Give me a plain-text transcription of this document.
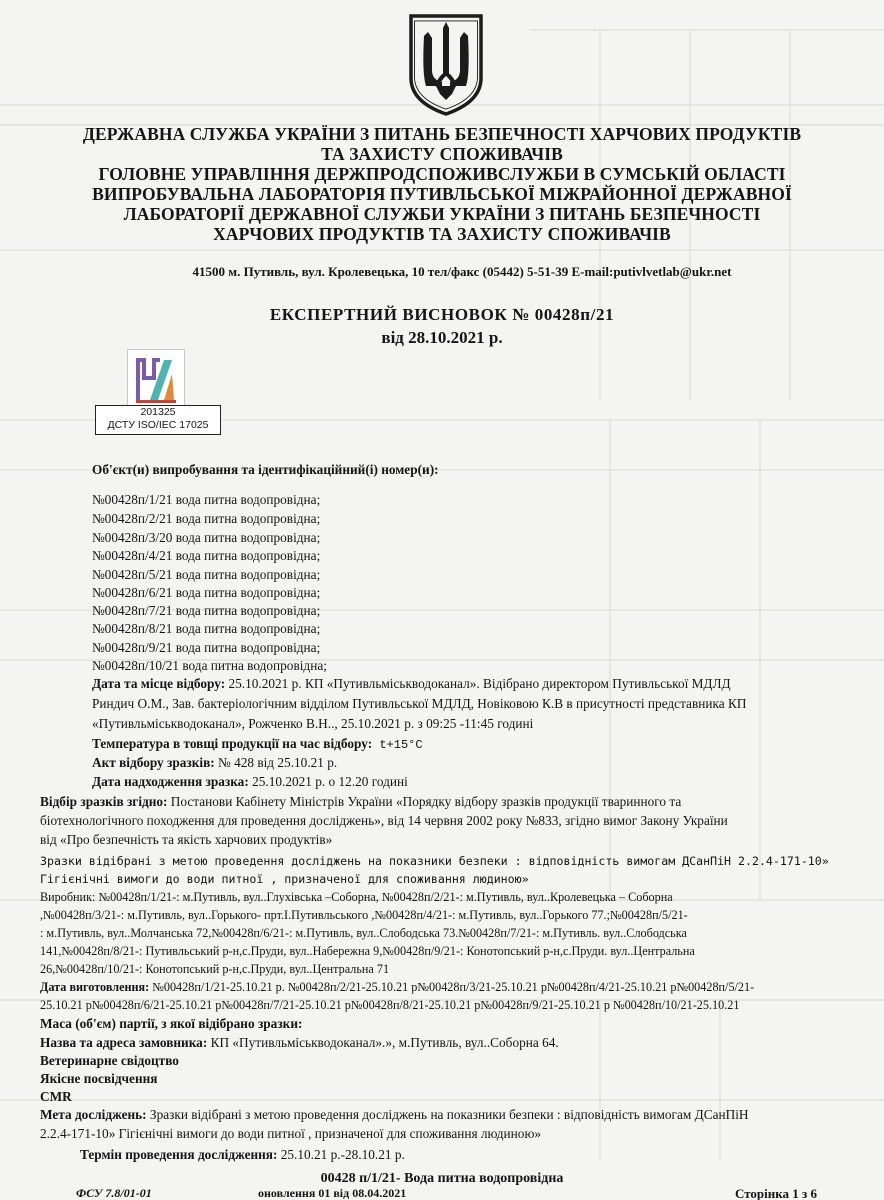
ДЕРЖАВНА СЛУЖБА УКРАЇНИ З ПИТАНЬ БЕЗПЕЧНОСТІ ХАРЧОВИХ ПРОДУКТІВ
ТА ЗАХИСТУ СПОЖИВАЧІВ
ГОЛОВНЕ УПРАВЛІННЯ ДЕРЖПРОДСПОЖИВСЛУЖБИ В СУМСЬКІЙ ОБЛАСТІ
ВИПРОБУВАЛЬНА ЛАБОРАТОРІЯ ПУТИВЛЬСЬКОЇ МІЖРАЙОННОЇ ДЕРЖАВНОЇ
ЛАБОРАТОРІЇ ДЕРЖАВНОЇ СЛУЖБИ УКРАЇНИ З ПИТАНЬ БЕЗПЕЧНОСТІ
ХАРЧОВИХ ПРОДУКТІВ ТА ЗАХИСТУ СПОЖИВАЧІВ
41500 м. Путивль, вул. Кролевецька, 10 тел/факс (05442) 5-51-39 E-mail:putivlvetlab@ukr.net
ЕКСПЕРТНИЙ ВИСНОВОК № 00428п/21
від 28.10.2021 р.
201325
ДСТУ ISO/IEC 17025
Об'єкт(и) випробування та ідентифікаційний(і) номер(и):
№00428п/1/21 вода питна водопровідна;
№00428п/2/21 вода питна водопровідна;
№00428п/3/20 вода питна водопровідна;
№00428п/4/21 вода питна водопровідна;
№00428п/5/21 вода питна водопровідна;
№00428п/6/21 вода питна водопровідна;
№00428п/7/21 вода питна водопровідна;
№00428п/8/21 вода питна водопровідна;
№00428п/9/21 вода питна водопровідна;
№00428п/10/21 вода питна водопровідна;
Дата та місце відбору: 25.10.2021 р. КП «Путивльміськводоканал». Відібрано директором Путивльської МДЛД
Риндич О.М., Зав. бактеріологічним відділом Путивльської МДЛД, Новіковою К.В в присутності представника КП
«Путивльміськводоканал», Рожченко В.Н.., 25.10.2021 р. з 09:25 -11:45 годині
Температура в товщі продукції на час відбору: t+15°C
Акт відбору зразків: № 428 від 25.10.21 р.
Дата надходження зразка: 25.10.2021 р. о 12.20 годині
Відбір зразків згідно: Постанови Кабінету Міністрів України «Порядку відбору зразків продукції тваринного та
біотехнологічного походження для проведення досліджень», від 14 червня 2002 року №833, згідно вимог Закону України
від «Про безпечність та якість харчових продуктів»
Зразки відібрані з метою проведення досліджень на показники безпеки : відповідність вимогам ДСанПіН 2.2.4-171-10»
Гігієнічні вимоги до води питної , призначеної для споживання людиною»
Виробник: №00428п/1/21-: м.Путивль, вул..Глухівська –Соборна, №00428п/2/21-: м.Путивль, вул..Кролевецька – Соборна
,№00428п/3/21-: м.Путивль, вул..Горького- прт.І.Путивльського ,№00428п/4/21-: м.Путивль, вул..Горького 77.;№00428п/5/21-
: м.Путивль, вул..Молчанська 72,№00428п/6/21-: м.Путивль, вул..Слободська 73.№00428п/7/21-: м.Путивль. вул..Слободська
141,№00428п/8/21-: Путивльський р-н,с.Пруди, вул..Набережна 9,№00428п/9/21-: Конотопський р-н,с.Пруди. вул..Центральна
26,№00428п/10/21-: Конотопський р-н,с.Пруди, вул..Центральна 71
Дата виготовлення: №00428п/1/21-25.10.21 р. №00428п/2/21-25.10.21 р№00428п/3/21-25.10.21 р№00428п/4/21-25.10.21 р№00428п/5/21-
25.10.21 р№00428п/6/21-25.10.21 р№00428п/7/21-25.10.21 р№00428п/8/21-25.10.21 р№00428п/9/21-25.10.21 р №00428п/10/21-25.10.21
Маса (об'єм) партії, з якої відібрано зразки:
Назва та адреса замовника: КП «Путивльміськводоканал».», м.Путивль, вул..Соборна 64.
Ветеринарне свідоцтво
Якісне посвідчення
CMR
Мета досліджень: Зразки відібрані з метою проведення досліджень на показники безпеки : відповідність вимогам ДСанПіН
2.2.4-171-10» Гігієнічні вимоги до води питної , призначеної для споживання людиною»
Термін проведення дослідження: 25.10.21 р.-28.10.21 р.
00428 п/1/21- Вода питна водопровідна
ФСУ 7.8/01-01	оновлення 01 від 08.04.2021	Сторінка 1 з 6
